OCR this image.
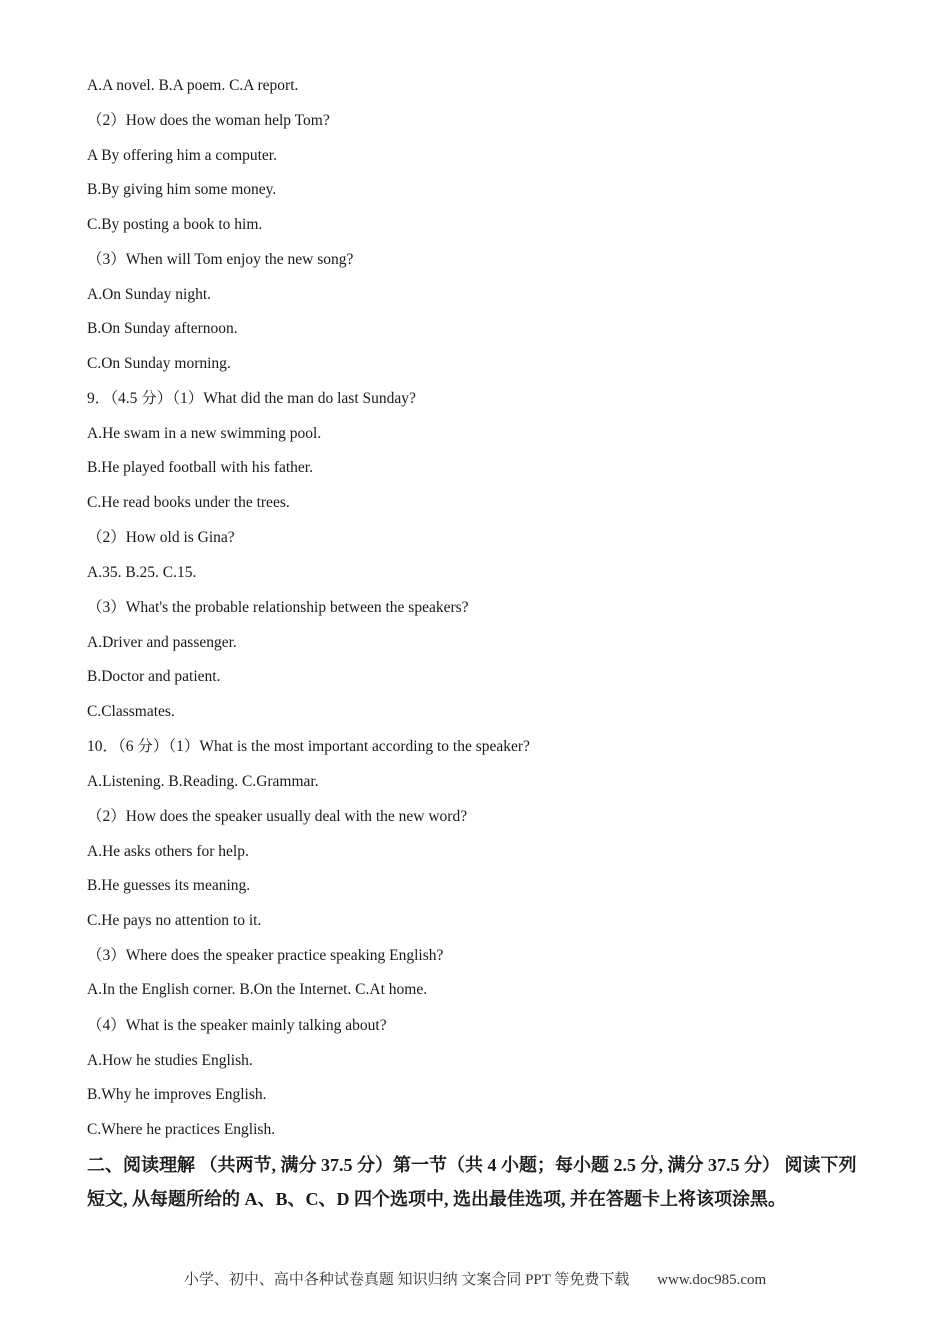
A.A novel. B.A poem. C.A report.
（2）How does the woman help Tom?
A By offering him a computer.
B.By giving him some money.
C.By posting a book to him.
（3）When will Tom enjoy the new song?
A.On Sunday night.
B.On Sunday afternoon.
C.On Sunday morning.
9．（4.5 分）（1）What did the man do last Sunday?
A.He swam in a new swimming pool.
B.He played football with his father.
C.He read books under the trees.
（2）How old is Gina?
A.35. B.25. C.15.
（3）What's the probable relationship between the speakers?
A.Driver and passenger.
B.Doctor and patient.
C.Classmates.
10．（6 分）（1）What is the most important according to the speaker?
A.Listening. B.Reading. C.Grammar.
（2）How does the speaker usually deal with the new word?
A.He asks others for help.
B.He guesses its meaning.
C.He pays no attention to it.
（3）Where does the speaker practice speaking English?
A.In the English corner. B.On the Internet. C.At home.
（4）What is the speaker mainly talking about?
A.How he studies English.
B.Why he improves English.
C.Where he practices English.
二、阅读理解 （共两节, 满分 37.5 分）第一节（共 4 小题；每小题 2.5 分, 满分 37.5 分） 阅读下列短文, 从每题所给的 A、B、C、D 四个选项中, 选出最佳选项, 并在答题卡上将该项涂黑。
小学、初中、高中各种试卷真题 知识归纳 文案合同 PPT 等免费下载 www.doc985.com
